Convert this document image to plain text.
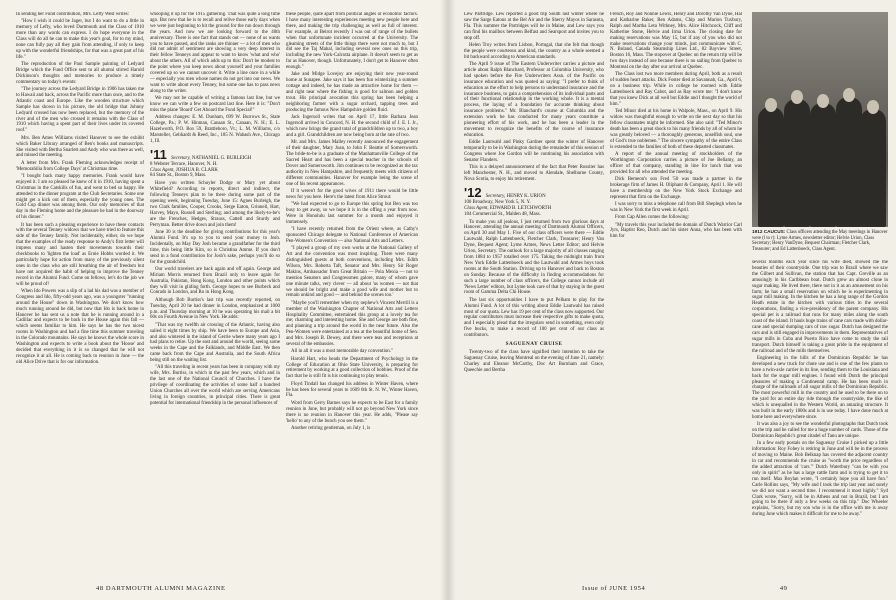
In sending her Fund contribution, Mrs. Lefty West writes:

"How I wish it could be Jager, but I do want to do a little in memory of Lefty, who loved Dartmouth and the Class of 1910 more than any words can express. I do hope everyone in the Class will do all he can to make this year's goal, for to my mind, none can fully pay all they gain from attending, if only to keep up with the wonderful friendships, for that was a great part of his life."

The reproduction of the Paul Sample painting of Ledyard Bridge which the Fund Office sent to all alumni stirred Harold Dickinson's thoughts and memories to produce a timely commentary on today's events:

"The journey across the Ledyard Bridge in 1906 has taken me to Hawaii and back, across the Pacific more than once, and to the Atlantic coast and Europe. Like the wooden structure which Sample has shown in his picture, the old bridge that Johnny Ledyard crossed has now been replaced, but the memory of the river and of the men who crossed it remains with the Class of 1910 which having a spent part of their lives under its covered roof."

Mrs. Ben Ames Williams visited Hanover to see the exhibit which Baker Library arranged of Ben's books and manuscripts. She visited with Bertha Snarlett and Andy who was there as well, and missed the meeting.

A letter from Mrs. Frank Fleming acknowledges receipt of 'Memorabilia from College Days' at Christmas time.

"I bought back many happy memories. Frank would have enjoyed it. I am so pleased he knew of it in 1910, having spent a Christmas in the Catskills of fun, and went to bed so happy. He attended to the dinner program at the Club Secretaries. Some one might get a kick out of them, especially the young ones. The Gold Cup dinner was among them. Our only memories of that day in the Fleming home and the pleasure he had in the doorway of his dinner."

It has been such a pleasing experience to have these contacts with the several Tenney widows that we have tried to feature this side of the Tenney family. Not incidentally, either, do we hope that the examples of the ready response to Andy's first letter will impress many and hasten their movements towards their checkbooks to 'lighten the load' as Ernie Hobbs worded it. We particularly hope for action from many of the previously silent ones in the class who are still breathing the air of freedom but have not acquired the habit of helping to improve the Tenney record in the Alumni Fund. Come on fellows, let's do the job we will be proud of!

When Ido Powers was a slip of a lad his dad was a member of Congress and Ido, fifty-odd years ago, was a youngster "running around the House" down in Washington. We don't know how much running around he did, but now that Ido is back home in Hanover he has sent us a note that he is running around in a Cadillac and expects to be back in the House again this fall — which seems familiar to him. He says he has the two nicest rooms in Washington and had a fine time this summer traveling in the Colorado mountains. He says he knows the whole score in Washington and expects to write a book about the 'Hoose' and decided that everything in it is so changed that he will not recognize it at all. He is coming back to reunion in June — the old Alice Drive that is for our information.

whooping it up for the 1915 gathering. That was quite a long time ago. But now that he is to recall and relive those early days when we were just beginning to hit the ground for the run down through the years. And now we are looking forward to the 40th anniversary. There is one fact that stands out — none of us wants you to have passed, and the ranks are thinner — a lot of men who did not admit of sentiment are showing a very deep interest in their fellow Tenneys and appear to want to know 'what and who' about the others. All of which adds up to this: Don't be modest to the point where you keep news about yourself and your families covered up so we cannot uncover it. Write a line once in a while — especially you men whose names do not get into our news. We want to write about every Tenney, but some one has to pass news along to the writer.

We may not be capable of writing a famous last line, but we know we can write a few on postcard last line. Here it is: "Don't miss the plane 'Board' Get Aboard the Fund Special!"

Address changes: E. M. Dunham, 699 W. Burrows St., State College, Pa.; P. W. Hinman, Canaan St., Canaan, N. H.; E. L. Hazelworth, P.O. Box 59, Brattleboro, Vt.; L. M. Williams, c/o Marsteller, Gebhardt & Reed, Inc., 185 N. Wabash Ave., Chicago 1, Ill.

'11 Secretary, NATHANIEL G. BURLEIGH
8 Webster Terrace, Hanover, N. H.
Class Agent, JOSHUA B. CLARK
84 State St., Boston 9, Mass.

Have you written Schuyler Dodge or Mary yet about Whitefield? According to reports, direct and indirect, the following Tenneys plan to be there during some part of the opening week, beginning Tuesday, June 15: Agnes Burleigh, the two Clark families, Cooper, Crooks, Serge Eaton, Grinnell, Hart, Harvey, Mayo, Russell and Sterling; and among the likely-to-be's are the Frenches, Hedges, Strauss, Cattell and Sturdy and Perryman. Better drive down and join them!

June 30 is the deadline for giving contributions for this year's Alumni Fund. It's up to you to send your money to Josh. Incidentally, on May Day Josh became a grandfather for the third time, this being little Kim, so is Christina Amme. If you don't send in a fund contribution for Josh's sake, perhaps you'll do so for the grandchild.

Our world travelers are back again and off again. George and Miriam Morris returned from Brazil only to leave again for Australia, Pakistan, Hong Kong, London and other points which they will visit in gliding forth. George hopes to see Burbeck and Conrads in London, and Ro in Hong Kong.

Although Bob Burtiss's last trip was recently reported, on Tuesday, April 20 he had dinner in London, emphasized at 1000 p.m. and Thursday morning at 10 he was operating his mail a bit 60s on Fourth Avenue in New York. He adds:

"That was my twelfth air crossing of the Atlantic, having also sailed it eight times by ship. We have been to Europe and Asia, and also wintered in the island of Gerrie where many years ago I had plans to retire. Up the east and around the world, seeing some weeks in the Cape and the Falklands, and Middle East. We then came back from the Cape and Australia, and the South Africa being still on the waiting list.

"All this traveling in recent years has been in company with my wife, Mrs. Burtiss, in which in the past few years, which and in the last one of the National Council of Churches. I have the privilege of coordinating the activities of some half a hundred Union Churches all over the world which are serving Americans living in foreign countries, in principal cities. There is great potential for international friendship in the personal influences of

these people, quite apart from political angles or economic factors. I have many interesting experiences meeting new people here and there, and making the trip challenging as well as full of interest. For example, at Beirut recently I was out of range of the bullets when that unfortunate incident occurred at the University. The gleaming streets of the little things there were not much to, but I did see the Taj Mahal, including several new ones on this trip, including the new York-Calcutta airplane. It doesn't seem to get as far as Hanover, though. Unfortunately, I don't get to Hanover often enough."

Jake and Midge Lovejoy are enjoying their new year-round home at Sunapee. Jake says it has been fun winterizing a summer cottage and indeed, he has made an attractive home for them — and right near where the fishing is good for salmon and golden trout. His principal avocation this spring has been helping a neighboring farmer with a sugar orchard, tapping trees and producing the famous New Hampshire golden fluid.

Jack Ingersoll writes that on April 17, little Barbara Jean Ingersoll arrived in Concord, N. H. the second child of J. E. I. Jr., which now brings the grand total of grandchildren up to two, a boy and a girl. Grandchildren are now being born at the rate of two.

Mr. and Mrs. James Malley recently announced the engagement of their daughter, Mary Joan, to John F. Beattie of Somersworth. The bride-to-be is a graduate of the Manhattanville College of the Sacred Heart and has been a special teacher in the schools of Dover and Somersworth. Jim continues to be recognized as the tax authority in New Hampshire, and frequently meets with citizens of different communities. Hanover for example being the scene of one of his recent appearances.

If it weren't for the good wives of 1911 there would be little news for you here. Here's the latest from Alice Strout:

"We had expected to go to Europe this spring but Ben was too busy to get away, so we hope it is in the offing a year from now. Were in Honolulu last summer for a month and enjoyed it immensely.

"I have recently returned from the Orient where, as Cathy's sponsored Chicago delegate to National Conference of American Pen-Women's Convention — also National Arts and Letters.

"I played a group of my own works at the National Gallery of Art and the convention was most inspiring. There were many distinguished guests at both conventions, including Mrs. Edith Wilson, Mrs. Roberta Taft, Senator and Mrs. Henry Sir Roger Makins, Ambassador from Great Britain — Pola Mexia — not to mention Senators and Congressmen galore, many of whom gave one minute talks, very clever — all about 'us women — not that we should be bright and make a good wife and mother but to remain unkind and good — and behind the scenes too.'

"Maybe you'll remember when my nephew's Vincent Merrill is a member of the Washington Chapter of National Arts and Letters Hospitality Committee, entertained this group at a lovely tea for me; charming and interesting home. She and George are both fine, and planning a trip around the world in the near future. Also the Pen-Women were entertained at a tea at the beautiful home of Sen. and Mrs. Joseph B. Dewey, and there were teas and receptions at several of the embassies.

All in all it was a most memorable day convention."

Harold Hart, who heads the Department of Psychology in the College of Education at Ohio State University, is preparing for retirement by working at a good collection of hobbies. Proof of the fact that he is still fit is his continuing to play tennis.

Floyd Tindall has changed his address in Winter Haven, where he has been for several years to 1609 6th St. N. W., Winter Haven, Fla.

Word from Gerry Barnes says he expects to be East for a family reunion in June, but probably will not go beyond New York since there is no reunion in Hanover this year. He adds, "Please say 'hello' to any of the bunch you see them."

Another retiring gentleman, on July 1, is

48 DARTMOUTH ALUMNI MAGAZINE

Lew Partridge. Lew reported a good trip South last winter where he saw the Sarge Eatons at the Bel Air and the Sherry Mayos in Sarasota, Fla. This summer the Partridges will be in Maine, and Lew says you can find his mailbox between Belfast and Searsport and invites you to stop off.

Helen Troy writes from Lisbon, Portugal, that she felt that though the people were courteous and kind, the country as a whole seemed a bit backward according to American standards.

The April 9 issue of The Eastern Underwriter carries a picture and article about Ralph Blanchard, Professor at Columbia University, who had spoken before the Fire Underwriters Assn. of the Pacific on insurance education and was quoted as saying: "I prefer to think of education as the effort to help persons to understand insurance and the insurance business, to gain a comprehension of its individual parts and of their functional relationship in the working whole. It is a mental process, the laying of a foundation for accurate thinking about insurance problems." Mr. Blanchard's course at Columbia and the extension work he has conducted for many years constitute a pioneering effort of his work, and he has been a leader in the movement to recognize the benefits of the course of insurance education.

Eddie Lautwahl and Pinky Gardner spent the winter of Hanover temporarily to be in Washington during the remainder of this session of Congress where Joe Gordon will be continuing his association with Senator Flanders.

This is a delayed announcement of the fact that Peter Rossiter has left Manchester, N. H., and moved to Alendale, Shelburne County, Nova Scotia, to enjoy his retirement.

'12 Secretary, HENRY K. URION
100 Broadway, New York 5, N. Y.
Class Agent, EDWARD B. LETCHWORTH
184 Commercial St., Malden 48, Mass.

To make you all jealous, I just returned from two glorious days at Hanover, attending the annual meeting of Dartmouth Alumni Officers, on April 30 and May 1. Five of our class officers were there — Eddie Lautwahl, Ralph Lattenboeck, Fletcher Clark, Treasurer; Henry Van Dyne, Bequest Agent; Lyme Armes, News Letter Editor; and Helvie Urion, Secretary. The outlook for a large majority of all classes ranging from 1884 to 1957 totalled over 175. Taking the midnight train from New York Eddie Lattenboeck and the Lautwahl and Armes boys took rooms at the South Station. Driving up to Hanover and back to Boston on Sunday. Because of the difficulty in finding accommodations for such a large number of class officers, the College cannot include all 'News Letter' editors, but Lyme took care of that by staying in the guest room of Gamma Delta Chi House.

The last six opportunities I have to put Pelham to play for the Alumni Fund. A lot of this writing about Eddie Lautwahl has raised most of our quota. Lew has 19 per cent of the class now supported. Our regular contributors must increase their respective gifts to make quota, and I especially plead that the irregulars send in something, even only five bucks, to make a record of 100 per cent of our class as contributors.

SAGUENAY CRUISE

Twenty-two of the class have signified their intention to take the Saguenay Cruise, leaving Montreal on the evening of June 21, namely: Charley and Eleanor McCarthy, Doc Art Burnham and Grace, Queechie and Bertha

French, Roy and Nonnie Lewis, Henry and Dorothy Van Dyne, Hal and Katharine Baker, Ben Adams, Chip and Marion Tuxbury, Ralph and Martha Leta Withney, Mrs. Alice Hitchcock, Cliff and Katherine Stone, Helvie and Irma Urion. The closing date for making reservations was May 15, but if any of you who did not make reservations change your minds, just communicate with C. N. Boland, Canada Steamship Lines Ltd., 82 Bayview Street, Boston 16, Mass. The stopover at Quebec on the return trip will be two days instead of one because there is no sailing from Quebec to Montreal on the day after our arrival at Quebec.

The Class lost two more members during April, both as a result of sudden heart attacks. Dick Foster died at Savannah, Ga., April 6, on a business trip. While in college he roomed with Eddie Lattenboeck and Ray Cabot, and as Ray wrote me: "I don't know that you knew Dick at all well but Eddie and I thought the world of him."

Ted Minor died at his home in Walpole, Mass., on April 9. His widow was thoughtful enough to write on the next day so that his fellow classmates might be informed. She also said: "Ted Minor's death has been a great shock to his many friends by all of whom he was greatly beloved — a thoroughly generous, unselfish soul, one of God's true noblemen." The sincere sympathy of the entire Class is extended to the families of both of these departed classmates.

A report of the annual meeting of stockholders of the Worthington Corporation carries a picture of Joe Bellamy, an officer of that company, standing in line for lunch that was provided for all who attended the meeting.

Dick Bemeon's son Fred '50 was made a partner in the brokerage firm of James H. Oliphant & Company, April 1. He will have a membership on the New York Stock Exchange and represent that firm on the Exchange.

I was sorry to miss a telephone call from Bill Sheplegh when he was in New York the first week in April.

From Cap Allen comes the following:

"My travels this year included the domain of Dutch Warrior Carl Jyrs, Baptist Reo, Dutch and his sister Anna, who has been with him for

several months each year since his wife died, showed me the beauties of their countryside. One trip was to Brazil where we saw the Gilbert and Sullivan, the station that has Capt. Greville as an amusingly in his Caribbean boat. Dutch grew an almost clone in sugar making. He lived there, there not in it as an amusement on his farm; he has a small reservation on which he is experimenting in sugar mill making. In the kitchen he has a long range of the Gordon Heath estate in the kitchen with various titles in the several corporations, finding a vice-presidency of the parent company. His special pet is a railroad that runs for many miles along the south coast of the island. It hauls huge trains of cane cars made with dollar-cane and special dumping cars of raw sugar. Dutch has designed the cars and is still engaged in improvements in them. Representatives of sugar mills in Cuba and Puerto Rico have come to study the rail transport. Dutch himself is taking a great pride in the equipment of the railroad and of the mills themselves.

Engineering in the hills of the Dominican Republic he has developed a new truck for chute use and is one of the few plants to have a twin-axle carrier in its line, sending them to the Louisiana and back for the sugar mill engines. I found with Dutch the principal pleasures of making a Continental camp. He has been much in charge of the railroads of all sugar mills of the Dominican Republic. The most powerful mill in the country and he used to be there on to the yard for an entire day ride through the countryside, the like of which is unequalled in the Western World, an amazing structure. It was built in the early 1800s and is in use today. I have done much at home here and everywhere since.

It was also a joy to see the wonderful photographs that Dutch took on the trip and he called for me a huge number of cards. Those of the Dominican Republic's great citadel of Tanu are unique.

In a few early postals on the Saguenay Cruise I picked up a little information: Roy Fohey is retiring in June and will be in the process of moving to Maine. Bob Belknap has covered the adjacent country in car and recommends the cruise as "worth the price regardless of the added attraction of 'cars.'" Dutch Waterbury "can be with you only in spirit" as he has a large cattle farm and is trying to get it to run itself. Max Boylan wrote, "I certainly hope you all have fun." Carle Rollins says, "My wife and I took the trip last year and surely we did not want a second time. I recommend it most highly." Syd Clark wrote, "Sorry, will be in Athens and not in Brazil, but I am going to be there if only a few weeks on this trip." Doc Wheeler explains, "Sorry, but my son who is in the office with me is away during June which makes it difficult for me to be away."

Issue of JUNE 1954	49
1912 CAUCUS: Class officers attending the May meetings in Hanover were (l to r): Lyme Armes, newsletter editor; Helvie Urion, Class Secretary; Henry VanDyne, Bequest Chairman; Fletcher Clark, Treasurer; and Ed Lattenboeck, Class Agent.
